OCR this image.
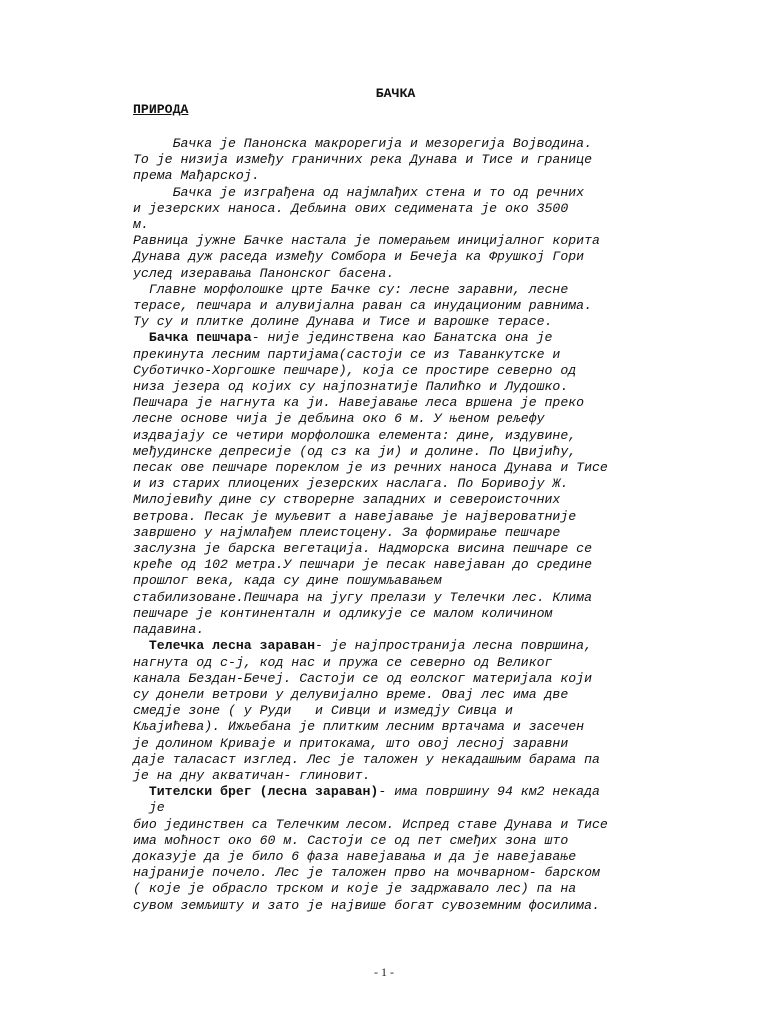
БАЧКА
ПРИРОДА
Бачка је Панонска макрорегија и мезорегија Војводина.
То је низија између граничних река Дунава и Тисе и границе
према Мађарској.
Бачка је изграђена од најмлађих стена и то од речних
и језерских наноса. Дебљина ових седимената је око 3500
м.
Равница јужне Бачке настала је померањем иницијалног корита
Дунава дуж раседа између Сомбора и Бечеја ка Фрушкој Гори
услед изеравања Панонског басена.
Главне морфолошке црте Бачке су: лесне заравни, лесне
терасе, пешчара и алувијална раван са инудационим равнима.
Ту су и плитке долине Дунава и Тисе и варошке терасе.
Бачка пешчара- није јединствена као Банатска она је
прекинута лесним партијама(састоји се из Таванкутске и
Суботичко-Хоргошке пешчаре), која се простире северно од
низа језера од којих су најпознатије Палићко и Лудошко.
Пешчара је нагнута ка ји. Навејавање леса вршена је преко
лесне основе чија је дебљина око 6 м. У њеном рељефу
издвајају се четири морфолошка елемента: дине, издувине,
међудинске депресије (од сз ка ји) и долине. По Цвијићу,
песак ове пешчаре пореклом је из речних наноса Дунава и Тисе
и из старих плиоцених језерских наслага. По Боривоју Ж.
Милојевићу дине су створерне западних и североисточних
ветрова. Песак је муљевит а навејавање је највероватније
завршено у најмлађем плеистоцену. За формирање пешчаре
заслузна је барска вегетација. Надморска висина пешчаре се
креће од 102 метра.У пешчари је песак навејаван до средине
прошлог века, када су дине пошумљавањем
стабилизоване.Пешчара на југу прелази у Телечки лес. Клима
пешчаре је континенталн и одликује се малом количином
падавина.
Телечка лесна зараван- је најпространија лесна површина,
нагнута од с-ј, код нас и пружа се северно од Великог
канала Бездан-Бечеј. Састоји се од еолског материјала који
су донели ветрови у делувијално време. Овај лес има две
смедје зоне ( у Руди   и Сивци и измедју Сивца и
Кљајићева). Ижљебана је плитким лесним вртачама и засечен
је долином Криваје и притокама, што овој лесној заравни
даје таласаст изглед. Лес је таложен у некадашњим барама па
је на дну акватичан- глиновит.
Тителски брег (лесна зараван)- има површину 94 км2 некада
је
био јединствен са Телечким лесом. Испред ставе Дунава и Тисе
има моћност око 60 м. Састоји се од пет смеђих зона што
доказује да је било 6 фаза навејавања и да је навејавање
најраније почело. Лес је таложен прво на мочварном- барском
( које је обрасло трском и које је задржавало лес) па на
сувом земљишту и зато је највише богат сувоземним фосилима.
- 1 -
